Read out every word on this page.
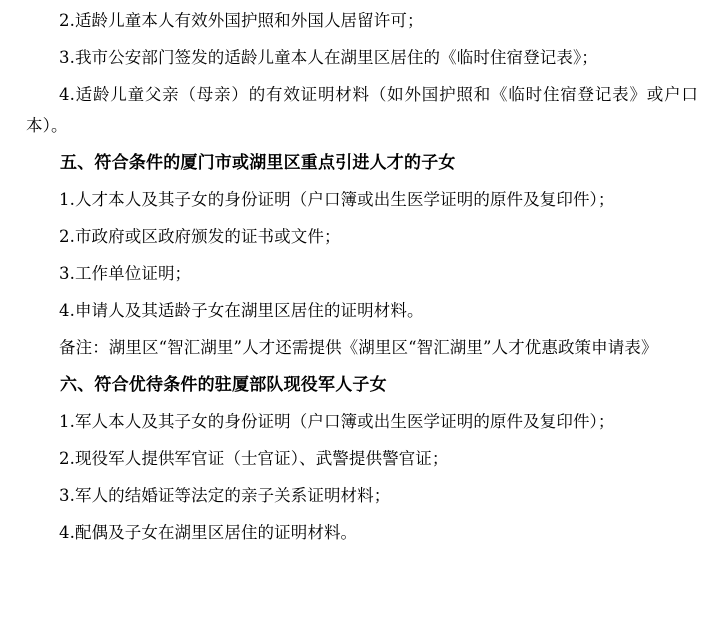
2.适龄儿童本人有效外国护照和外国人居留许可；

3.我市公安部门签发的适龄儿童本人在湖里区居住的《临时住宿登记表》；

4.适龄儿童父亲（母亲）的有效证明材料（如外国护照和《临时住宿登记表》或户口本）。

五、符合条件的厦门市或湖里区重点引进人才的子女

1.人才本人及其子女的身份证明（户口簿或出生医学证明的原件及复印件）；

2.市政府或区政府颁发的证书或文件；

3.工作单位证明；

4.申请人及其适龄子女在湖里区居住的证明材料。

备注：湖里区“智汇湖里”人才还需提供《湖里区“智汇湖里”人才优惠政策申请表》

六、符合优待条件的驻厦部队现役军人子女

1.军人本人及其子女的身份证明（户口簿或出生医学证明的原件及复印件）；

2.现役军人提供军官证（士官证）、武警提供警官证；

3.军人的结婚证等法定的亲子关系证明材料；

4.配偶及子女在湖里区居住的证明材料。
